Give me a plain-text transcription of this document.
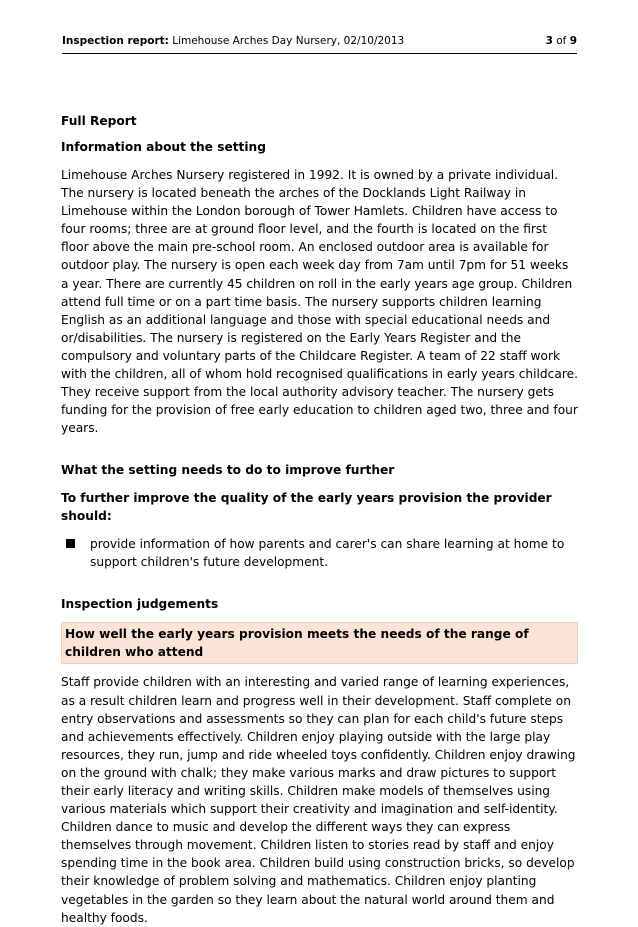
Inspection report: Limehouse Arches Day Nursery, 02/10/2013	3 of 9
Full Report
Information about the setting

Limehouse Arches Nursery registered in 1992. It is owned by a private individual. The nursery is located beneath the arches of the Docklands Light Railway in Limehouse within the London borough of Tower Hamlets. Children have access to four rooms; three are at ground floor level, and the fourth is located on the first floor above the main pre-school room. An enclosed outdoor area is available for outdoor play. The nursery is open each week day from 7am until 7pm for 51 weeks a year. There are currently 45 children on roll in the early years age group. Children attend full time or on a part time basis. The nursery supports children learning English as an additional language and those with special educational needs and or/disabilities. The nursery is registered on the Early Years Register and the compulsory and voluntary parts of the Childcare Register. A team of 22 staff work with the children, all of whom hold recognised qualifications in early years childcare. They receive support from the local authority advisory teacher. The nursery gets funding for the provision of free early education to children aged two, three and four years.

What the setting needs to do to improve further
To further improve the quality of the early years provision the provider should:
provide information of how parents and carer's can share learning at home to support children's future development.
Inspection judgements
How well the early years provision meets the needs of the range of children who attend

Staff provide children with an interesting and varied range of learning experiences, as a result children learn and progress well in their development. Staff complete on entry observations and assessments so they can plan for each child's future steps and achievements effectively. Children enjoy playing outside with the large play resources, they run, jump and ride wheeled toys confidently. Children enjoy drawing on the ground with chalk; they make various marks and draw pictures to support their early literacy and writing skills. Children make models of themselves using various materials which support their creativity and imagination and self-identity. Children dance to music and develop the different ways they can express themselves through movement. Children listen to stories read by staff and enjoy spending time in the book area. Children build using construction bricks, so develop their knowledge of problem solving and mathematics. Children enjoy planting vegetables in the garden so they learn about the natural world around them and healthy foods.
